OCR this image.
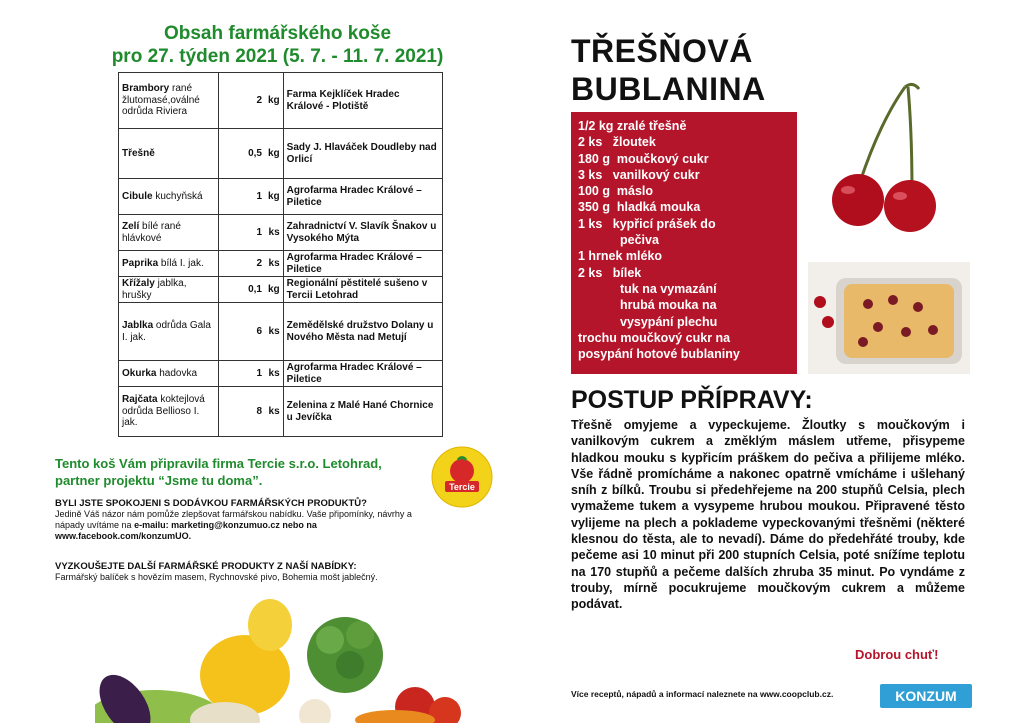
Obsah farmářského koše
pro 27. týden 2021 (5. 7. - 11. 7. 2021)
Brambory rané žlutomasé,oválné odrůda Riviera	2	kg	Farma Kejklíček Hradec Králové - Plotiště
Třešně	0,5	kg	Sady J. Hlaváček Doudleby nad Orlicí
Cibule kuchyňská	1	kg	Agrofarma Hradec Králové – Piletice
Zelí bílé rané hlávkové	1	ks	Zahradnictví V. Slavík Šnakov u Vysokého Mýta
Paprika bílá I. jak.	2	ks	Agrofarma Hradec Králové – Piletice
Křížaly jablka, hrušky	0,1	kg	Regionální pěstitelé sušeno v Tercii Letohrad
Jablka odrůda Gala I. jak.	6	ks	Zemědělské družstvo Dolany u Nového Města nad Metují
Okurka hadovka	1	ks	Agrofarma Hradec Králové – Piletice
Rajčata koktejlová odrůda Bellioso I. jak.	8	ks	Zelenina z Malé Hané Chornice u Jevíčka
Tento koš Vám připravila firma Tercie s.r.o. Letohrad, partner projektu “Jsme tu doma”.	Tercie
BYLI JSTE SPOKOJENI S DODÁVKOU FARMÁŘSKÝCH PRODUKTŮ?
Jedině Váš názor nám pomůže zlepšovat farmářskou nabídku. Vaše připomínky, návrhy a nápady uvítáme na e-mailu: marketing@konzumuo.cz nebo na www.facebook.com/konzumUO.
VYZKOUŠEJTE DALŠÍ FARMÁŘSKÉ PRODUKTY Z NAŠÍ NABÍDKY:
Farmářský balíček s hovězím masem, Rychnovské pivo, Bohemia mošt jablečný.
TŘEŠŇOVÁ
BUBLANINA
1/2 kg zralé třešně
2 ks   žloutek
180 g  moučkový cukr
3 ks   vanilkový cukr
100 g  máslo
350 g  hladká mouka
1 ks   kypřicí prášek do
pečiva
1 hrnek mléko
2 ks   bílek
tuk na vymazání
hrubá mouka na
vysypání plechu
trochu moučkový cukr na
posypání hotové bublaniny
POSTUP PŘÍPRAVY:
Třešně omyjeme a vypeckujeme. Žloutky s moučkovým i vanilkovým cukrem a změklým máslem utřeme, přisypeme hladkou mouku s kypřicím práškem do pečiva a přilijeme mléko. Vše řádně promícháme a nakonec opatrně vmícháme i ušlehaný sníh z bílků. Troubu si předehřejeme na 200 stupňů Celsia, plech vymažeme tukem a vysypeme hrubou moukou. Připravené těsto vylijeme na plech a poklademe vypeckovanými třešněmi (některé klesnou do těsta, ale to nevadí). Dáme do předehřáté trouby, kde pečeme asi 10 minut při 200 stupních Celsia, poté snížíme teplotu na 170 stupňů a pečeme dalších zhruba 35 minut. Po vyndáme z trouby, mírně pocukrujeme moučkovým cukrem a můžeme podávat.
Dobrou chuť!
Více receptů, nápadů a informací naleznete na www.coopclub.cz.	KONZUM
